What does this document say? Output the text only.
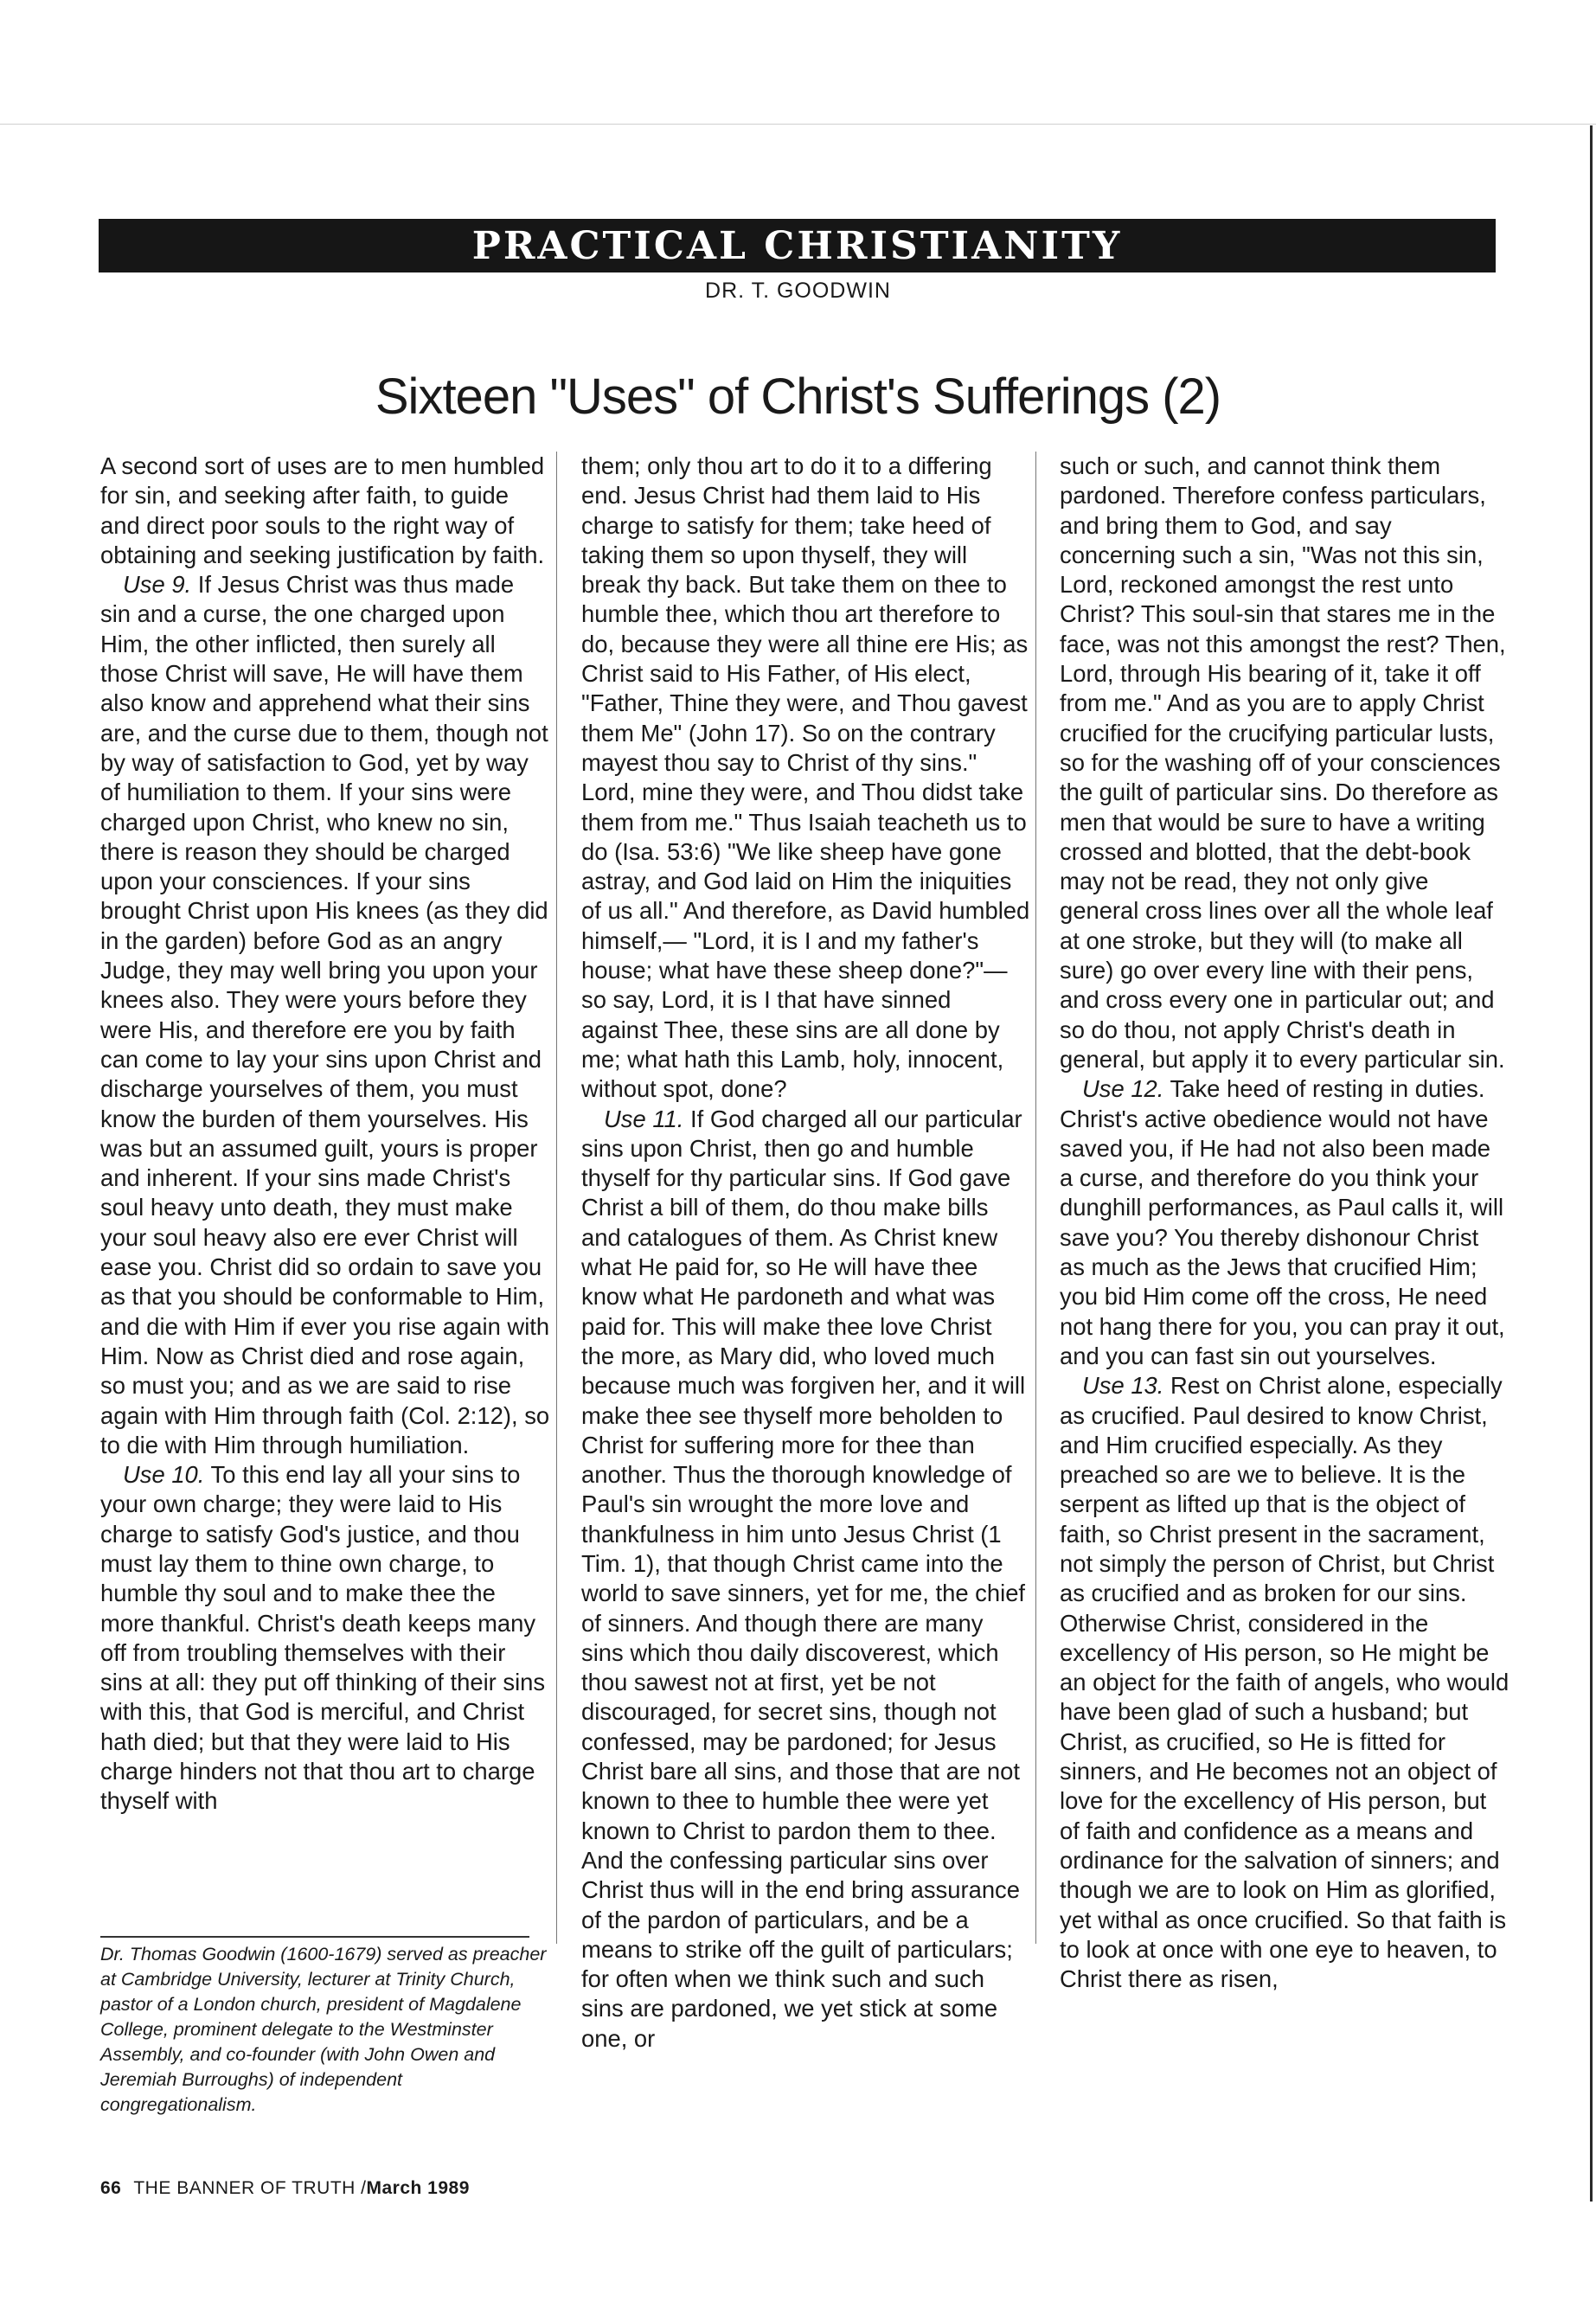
PRACTICAL CHRISTIANITY
DR. T. GOODWIN
Sixteen "Uses" of Christ's Sufferings (2)

A second sort of uses are to men humbled for sin, and seeking after faith, to guide and direct poor souls to the right way of obtaining and seeking justification by faith.

Use 9. If Jesus Christ was thus made sin and a curse, the one charged upon Him, the other inflicted, then surely all those Christ will save, He will have them also know and apprehend what their sins are, and the curse due to them, though not by way of satisfaction to God, yet by way of humiliation to them. If your sins were charged upon Christ, who knew no sin, there is reason they should be charged upon your consciences. If your sins brought Christ upon His knees (as they did in the garden) before God as an angry Judge, they may well bring you upon your knees also. They were yours before they were His, and therefore ere you by faith can come to lay your sins upon Christ and discharge yourselves of them, you must know the burden of them yourselves. His was but an assumed guilt, yours is proper and inherent. If your sins made Christ's soul heavy unto death, they must make your soul heavy also ere ever Christ will ease you. Christ did so ordain to save you as that you should be conformable to Him, and die with Him if ever you rise again with Him. Now as Christ died and rose again, so must you; and as we are said to rise again with Him through faith (Col. 2:12), so to die with Him through humiliation.

Use 10. To this end lay all your sins to your own charge; they were laid to His charge to satisfy God's justice, and thou must lay them to thine own charge, to humble thy soul and to make thee the more thankful. Christ's death keeps many off from troubling themselves with their sins at all: they put off thinking of their sins with this, that God is merciful, and Christ hath died; but that they were laid to His charge hinders not that thou art to charge thyself with

them; only thou art to do it to a differing end. Jesus Christ had them laid to His charge to satisfy for them; take heed of taking them so upon thyself, they will break thy back. But take them on thee to humble thee, which thou art therefore to do, because they were all thine ere His; as Christ said to His Father, of His elect, "Father, Thine they were, and Thou gavest them Me" (John 17). So on the contrary mayest thou say to Christ of thy sins." Lord, mine they were, and Thou didst take them from me." Thus Isaiah teacheth us to do (Isa. 53:6) "We like sheep have gone astray, and God laid on Him the iniquities of us all." And therefore, as David humbled himself,— "Lord, it is I and my father's house; what have these sheep done?"— so say, Lord, it is I that have sinned against Thee, these sins are all done by me; what hath this Lamb, holy, innocent, without spot, done?

Use 11. If God charged all our particular sins upon Christ, then go and humble thyself for thy particular sins. If God gave Christ a bill of them, do thou make bills and catalogues of them. As Christ knew what He paid for, so He will have thee know what He pardoneth and what was paid for. This will make thee love Christ the more, as Mary did, who loved much because much was forgiven her, and it will make thee see thyself more beholden to Christ for suffering more for thee than another. Thus the thorough knowledge of Paul's sin wrought the more love and thankfulness in him unto Jesus Christ (1 Tim. 1), that though Christ came into the world to save sinners, yet for me, the chief of sinners. And though there are many sins which thou daily discoverest, which thou sawest not at first, yet be not discouraged, for secret sins, though not confessed, may be pardoned; for Jesus Christ bare all sins, and those that are not known to thee to humble thee were yet known to Christ to pardon them to thee. And the confessing particular sins over Christ thus will in the end bring assurance of the pardon of particulars, and be a means to strike off the guilt of particulars; for often when we think such and such sins are pardoned, we yet stick at some one, or

such or such, and cannot think them pardoned. Therefore confess particulars, and bring them to God, and say concerning such a sin, "Was not this sin, Lord, reckoned amongst the rest unto Christ? This soul-sin that stares me in the face, was not this amongst the rest? Then, Lord, through His bearing of it, take it off from me." And as you are to apply Christ crucified for the crucifying particular lusts, so for the washing off of your consciences the guilt of particular sins. Do therefore as men that would be sure to have a writing crossed and blotted, that the debt-book may not be read, they not only give general cross lines over all the whole leaf at one stroke, but they will (to make all sure) go over every line with their pens, and cross every one in particular out; and so do thou, not apply Christ's death in general, but apply it to every particular sin.

Use 12. Take heed of resting in duties. Christ's active obedience would not have saved you, if He had not also been made a curse, and therefore do you think your dunghill performances, as Paul calls it, will save you? You thereby dishonour Christ as much as the Jews that crucified Him; you bid Him come off the cross, He need not hang there for you, you can pray it out, and you can fast sin out yourselves.

Use 13. Rest on Christ alone, especially as crucified. Paul desired to know Christ, and Him crucified especially. As they preached so are we to believe. It is the serpent as lifted up that is the object of faith, so Christ present in the sacrament, not simply the person of Christ, but Christ as crucified and as broken for our sins. Otherwise Christ, considered in the excellency of His person, so He might be an object for the faith of angels, who would have been glad of such a husband; but Christ, as crucified, so He is fitted for sinners, and He becomes not an object of love for the excellency of His person, but of faith and confidence as a means and ordinance for the salvation of sinners; and though we are to look on Him as glorified, yet withal as once crucified. So that faith is to look at once with one eye to heaven, to Christ there as risen,

Dr. Thomas Goodwin (1600-1679) served as preacher at Cambridge University, lecturer at Trinity Church, pastor of a London church, president of Magdalene College, prominent delegate to the Westminster Assembly, and co-founder (with John Owen and Jeremiah Burroughs) of independent congregationalism.
66 THE BANNER OF TRUTH /March 1989
